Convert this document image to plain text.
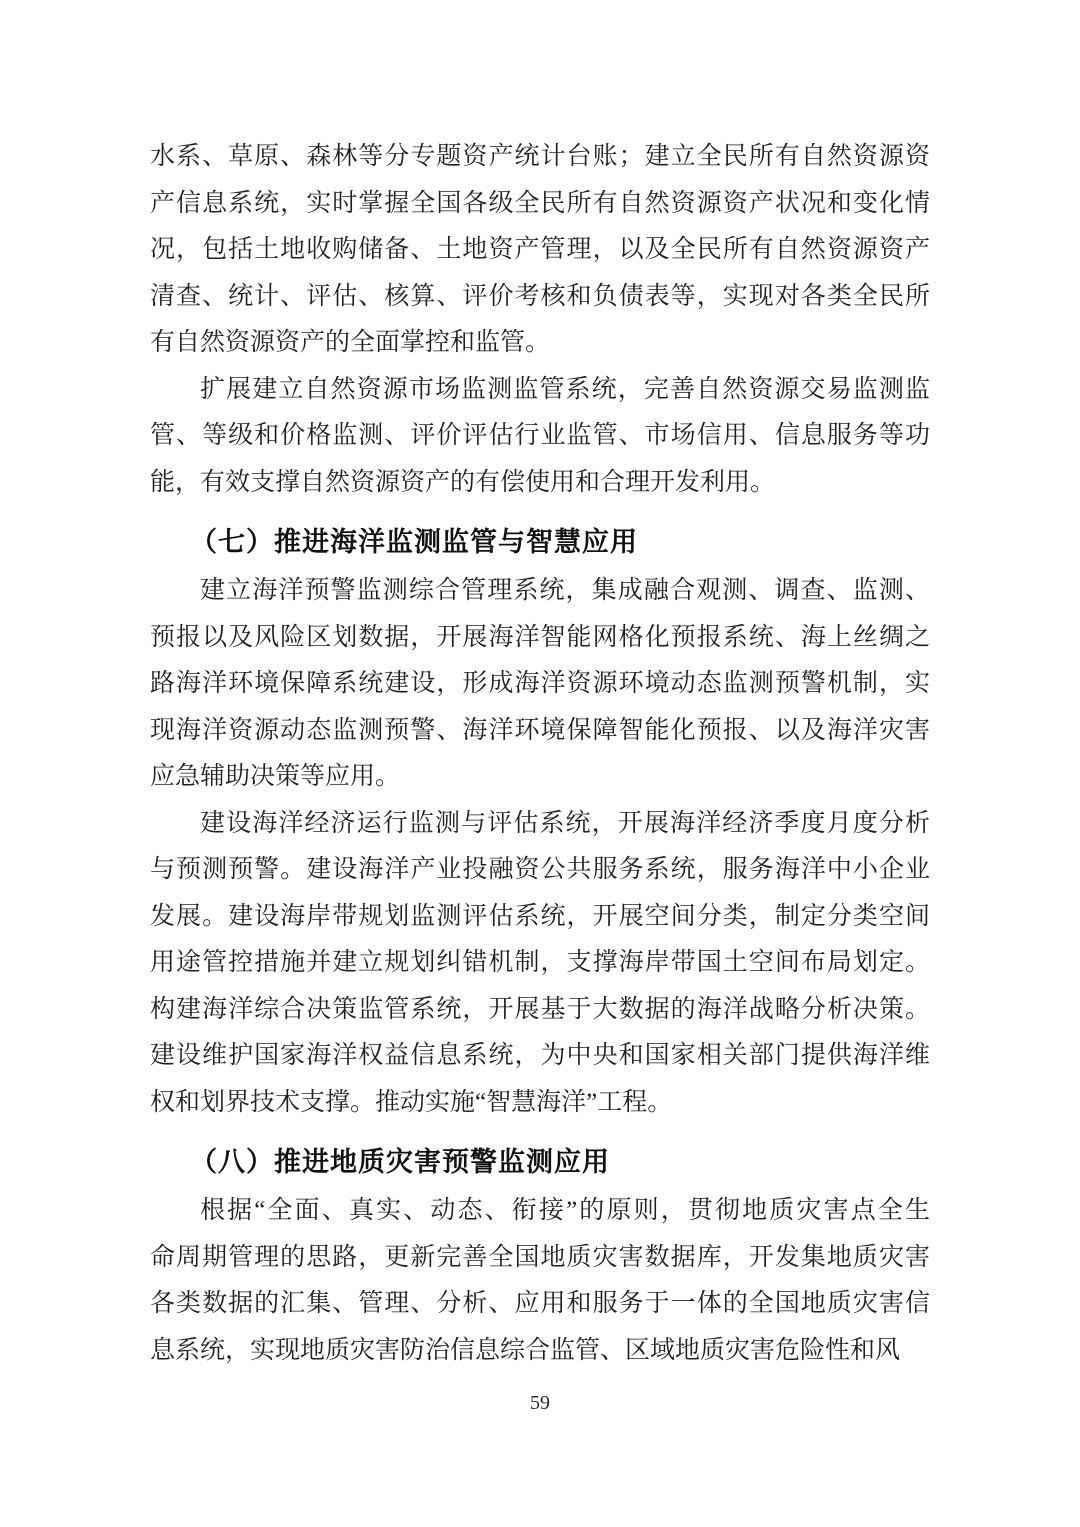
水系、草原、森林等分专题资产统计台账；建立全民所有自然资源资
产信息系统，实时掌握全国各级全民所有自然资源资产状况和变化情
况，包括土地收购储备、土地资产管理，以及全民所有自然资源资产
清查、统计、评估、核算、评价考核和负债表等，实现对各类全民所
有自然资源资产的全面掌控和监管。
扩展建立自然资源市场监测监管系统，完善自然资源交易监测监
管、等级和价格监测、评价评估行业监管、市场信用、信息服务等功
能，有效支撑自然资源资产的有偿使用和合理开发利用。
（七）推进海洋监测监管与智慧应用
建立海洋预警监测综合管理系统，集成融合观测、调查、监测、
预报以及风险区划数据，开展海洋智能网格化预报系统、海上丝绸之
路海洋环境保障系统建设，形成海洋资源环境动态监测预警机制，实
现海洋资源动态监测预警、海洋环境保障智能化预报、以及海洋灾害
应急辅助决策等应用。
建设海洋经济运行监测与评估系统，开展海洋经济季度月度分析
与预测预警。建设海洋产业投融资公共服务系统，服务海洋中小企业
发展。建设海岸带规划监测评估系统，开展空间分类，制定分类空间
用途管控措施并建立规划纠错机制，支撑海岸带国土空间布局划定。
构建海洋综合决策监管系统，开展基于大数据的海洋战略分析决策。
建设维护国家海洋权益信息系统，为中央和国家相关部门提供海洋维
权和划界技术支撑。推动实施“智慧海洋”工程。
（八）推进地质灾害预警监测应用
根据“全面、真实、动态、衔接”的原则，贯彻地质灾害点全生
命周期管理的思路，更新完善全国地质灾害数据库，开发集地质灾害
各类数据的汇集、管理、分析、应用和服务于一体的全国地质灾害信
息系统，实现地质灾害防治信息综合监管、区域地质灾害危险性和风
59
